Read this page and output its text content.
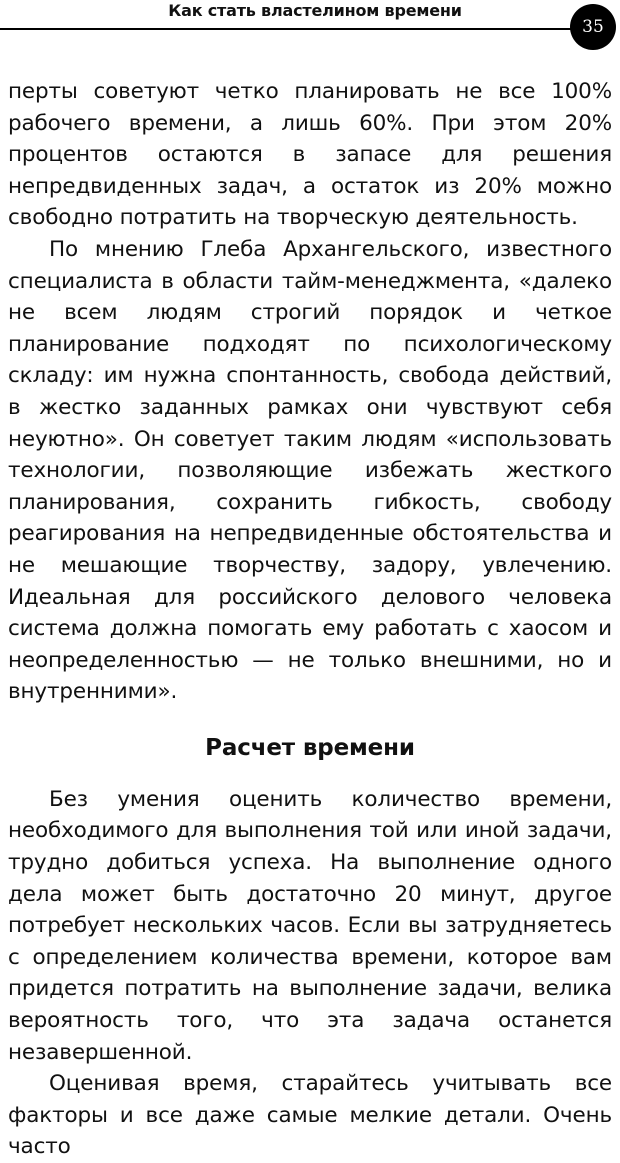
Как стать властелином времени
35

перты советуют четко планировать не все 100% рабочего времени, а лишь 60%. При этом 20% процентов остаются в запасе для решения непредвиденных задач, а остаток из 20% можно свободно потратить на творческую деятельность.

По мнению Глеба Архангельского, известного специалиста в области тайм-менеджмента, «далеко не всем людям строгий порядок и четкое планирование подходят по психологическому складу: им нужна спонтанность, свобода действий, в жестко заданных рамках они чувствуют себя неуютно». Он советует таким людям «использовать технологии, позволяющие избежать жесткого планирования, сохранить гибкость, свободу реагирования на непредвиденные обстоятельства и не мешающие творчеству, задору, увлечению. Идеальная для российского делового человека система должна помогать ему работать с хаосом и неопределенностью — не только внешними, но и внутренними».

Расчет времени

Без умения оценить количество времени, необходимого для выполнения той или иной задачи, трудно добиться успеха. На выполнение одного дела может быть достаточно 20 минут, другое потребует нескольких часов. Если вы затрудняетесь с определением количества времени, которое вам придется потратить на выполнение задачи, велика вероятность того, что эта задача останется незавершенной.

Оценивая время, старайтесь учитывать все факторы и все даже самые мелкие детали. Очень часто
